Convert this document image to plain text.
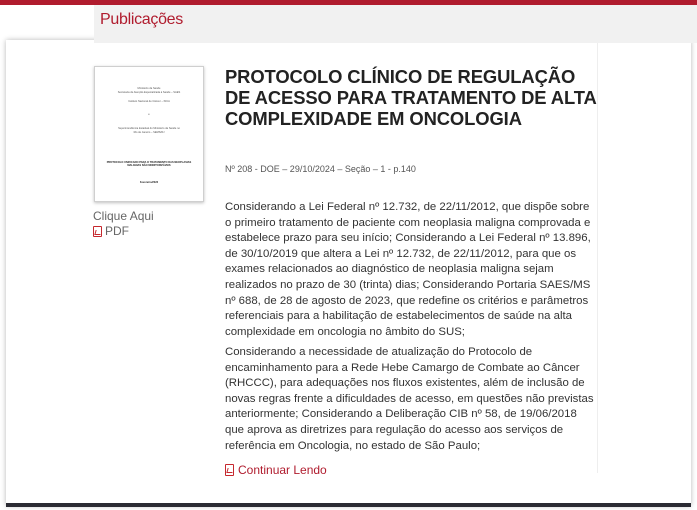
Publicações
Ministério da Saúde
Secretaria de Atenção Especializada à Saúde – SAES
Instituto Nacional de Câncer – INCA
e
Superintendência Estadual do Ministério da Saúde no
Rio de Janeiro – SEMS/RJ
PROTOCOLO UNIFICADO PARA O TRATAMENTO DAS NEOPLASIAS MALIGNAS NÃO MONITORIZÁVEIS
Fevereiro/2023
Clique Aqui
PDF
PROTOCOLO CLÍNICO DE REGULAÇÃO DE ACESSO PARA TRATAMENTO DE ALTA COMPLEXIDADE EM ONCOLOGIA
Nº 208 - DOE – 29/10/2024 – Seção – 1 - p.140

Considerando a Lei Federal nº 12.732, de 22/11/2012, que dispõe sobre o primeiro tratamento de paciente com neoplasia maligna comprovada e estabelece prazo para seu início; Considerando a Lei Federal nº 13.896, de 30/10/2019 que altera a Lei nº 12.732, de 22/11/2012, para que os exames relacionados ao diagnóstico de neoplasia maligna sejam realizados no prazo de 30 (trinta) dias; Considerando Portaria SAES/MS nº 688, de 28 de agosto de 2023, que redefine os critérios e parâmetros referenciais para a habilitação de estabelecimentos de saúde na alta complexidade em oncologia no âmbito do SUS;

Considerando a necessidade de atualização do Protocolo de encaminhamento para a Rede Hebe Camargo de Combate ao Câncer (RHCCC), para adequações nos fluxos existentes, além de inclusão de novas regras frente a dificuldades de acesso, em questões não previstas anteriormente; Considerando a Deliberação CIB nº 58, de 19/06/2018 que aprova as diretrizes para regulação do acesso aos serviços de referência em Oncologia, no estado de São Paulo;

Continuar Lendo
